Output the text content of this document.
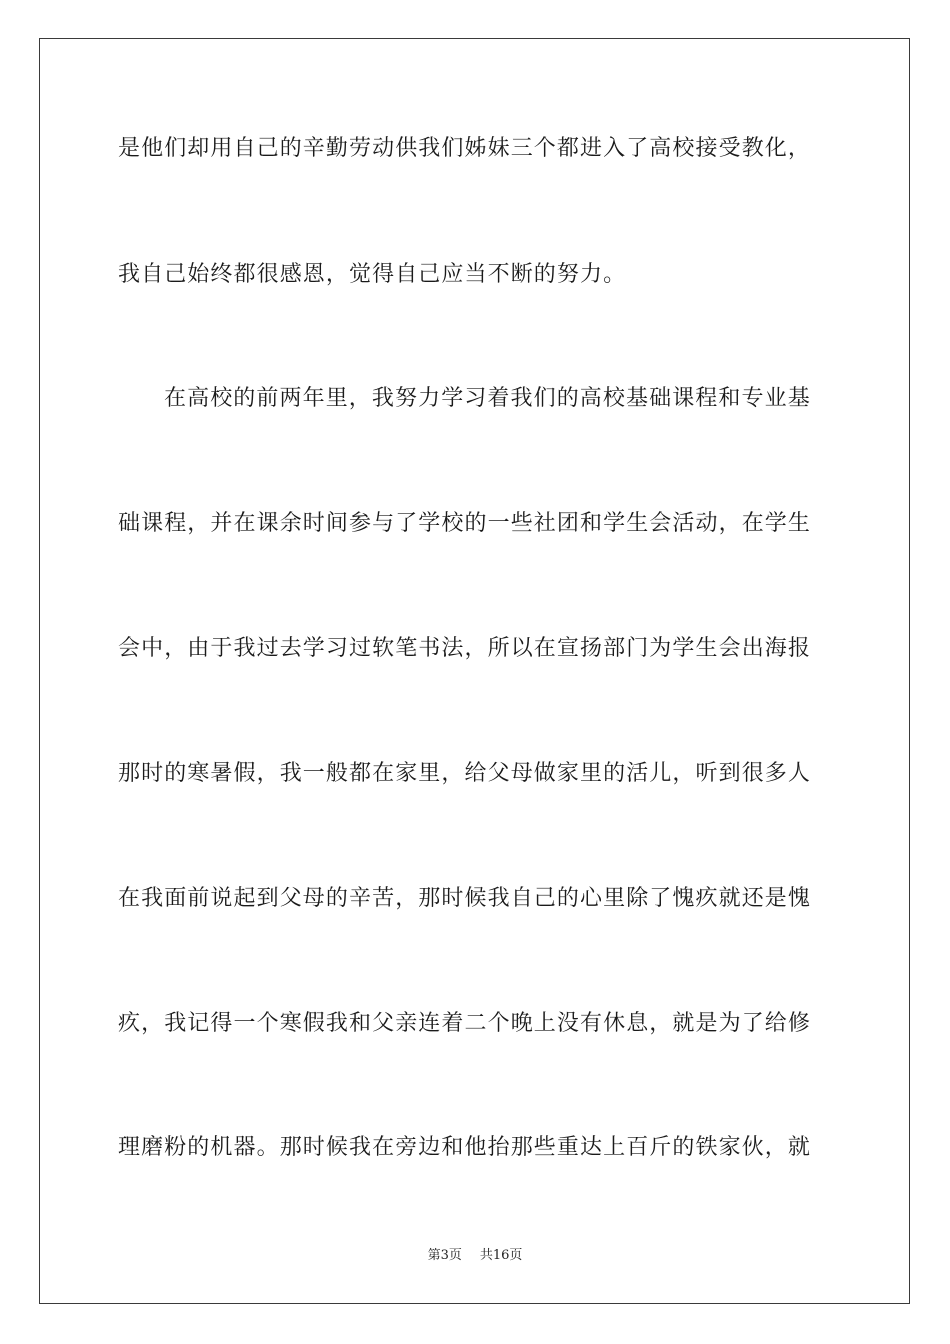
是他们却用自己的辛勤劳动供我们姊妹三个都进入了高校接受教化，
我自己始终都很感恩，觉得自己应当不断的努力。
在高校的前两年里，我努力学习着我们的高校基础课程和专业基
础课程，并在课余时间参与了学校的一些社团和学生会活动，在学生
会中，由于我过去学习过软笔书法，所以在宣扬部门为学生会出海报
那时的寒暑假，我一般都在家里，给父母做家里的活儿，听到很多人
在我面前说起到父母的辛苦，那时候我自己的心里除了愧疚就还是愧
疚，我记得一个寒假我和父亲连着二个晚上没有休息，就是为了给修
理磨粉的机器。那时候我在旁边和他抬那些重达上百斤的铁家伙，就
第3页 共16页
